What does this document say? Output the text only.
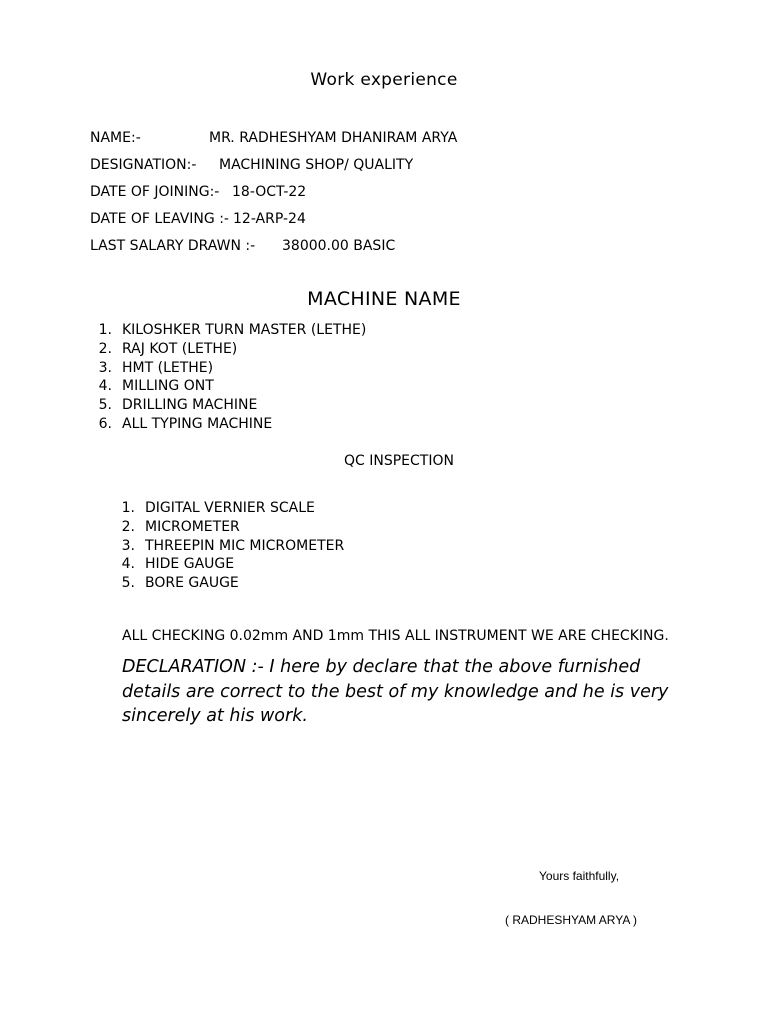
Work experience
NAME:-	MR. RADHESHYAM DHANIRAM ARYA
DESIGNATION:- MACHINING SHOP/ QUALITY
DATE OF JOINING:- 18-OCT-22
DATE OF LEAVING :- 12-ARP-24
LAST SALARY DRAWN :- 38000.00 BASIC
MACHINE NAME
1. KILOSHKER TURN MASTER (LETHE)
2. RAJ KOT (LETHE)
3. HMT (LETHE)
4. MILLING ONT
5. DRILLING MACHINE
6. ALL TYPING MACHINE
QC INSPECTION
1. DIGITAL VERNIER SCALE
2. MICROMETER
3. THREEPIN MIC MICROMETER
4. HIDE GAUGE
5. BORE GAUGE
ALL CHECKING 0.02mm AND 1mm THIS ALL INSTRUMENT WE ARE CHECKING.
DECLARATION :- I here by declare that the above furnished details are correct to the best of my knowledge and he is very sincerely at his work.
Yours faithfully,
( RADHESHYAM ARYA )
